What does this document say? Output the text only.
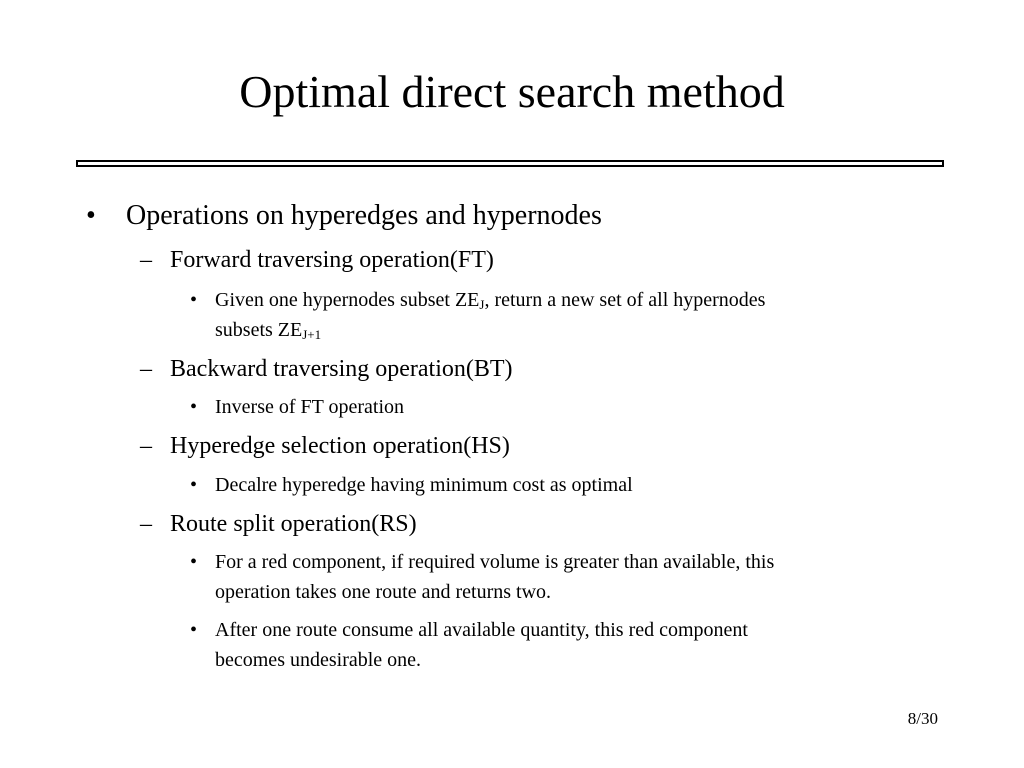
Optimal direct search method
• Operations on hyperedges and hypernodes
– Forward traversing operation(FT)
• Given one hypernodes subset $ZE_J$, return a new set of all hypernodes
subsets $ZE_{J+1}$
– Backward traversing operation(BT)
• Inverse of FT operation
– Hyperedge selection operation(HS)
• Decalre hyperedge having minimum cost as optimal
– Route split operation(RS)
• For a red component, if required volume is greater than available, this
operation takes one route and returns two.
• After one route consume all available quantity, this red component
becomes undesirable one.
8/30
